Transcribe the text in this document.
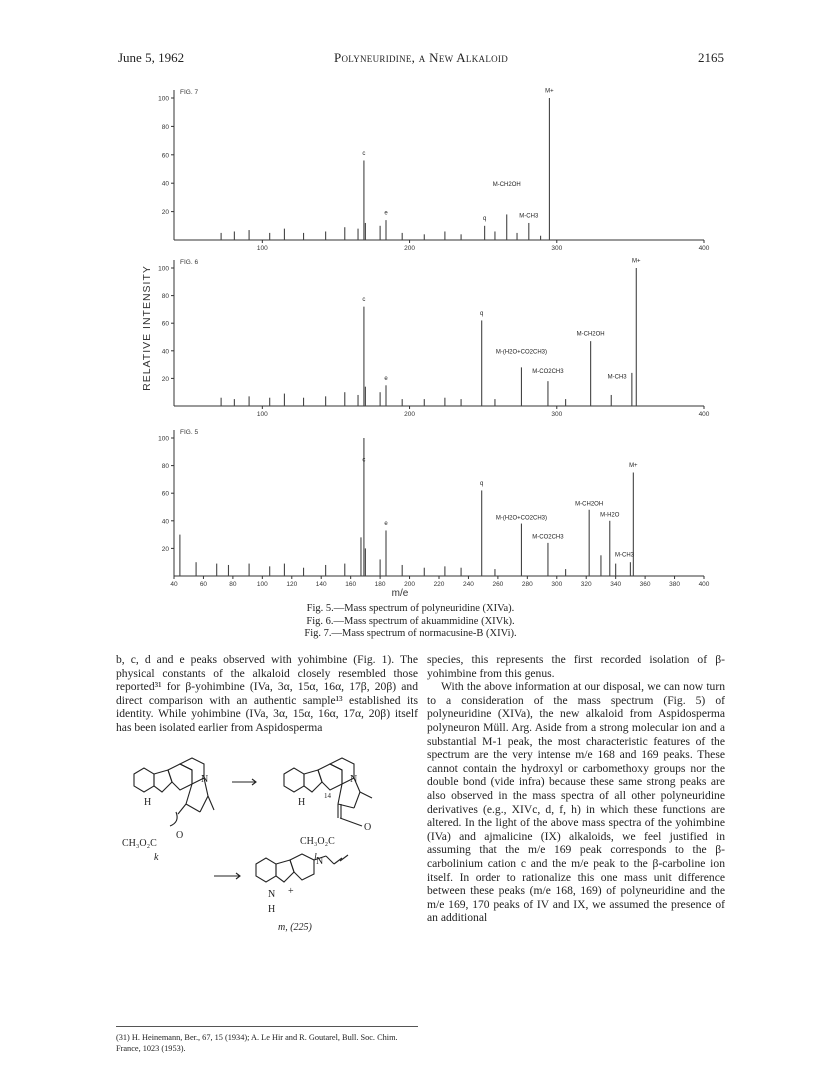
June 5, 1962	Polyneuridine, a New Alkaloid	2165
RELATIVE INTENSITY
m/e
FIG. 7
20
40
60
80
100
100	200	300	400
c
e
q
M-CH2OH
M-CH3
M+
FIG. 6
20
40
60
80
100
100	200	300	400
c
e
q
M-(H2O+CO2CH3)
M-CO2CH3
M-CH2OH
M-CH3
M+
FIG. 5
20
40
60
80
100
40	60	80	100	120	140	160	180	200	220	240	260	280	300	320	340	360	380	400
c
e
q
M-(H2O+CO2CH3)
M-CO2CH3
M-CH2OH
M-H2O
M-CH3
M+
Fig. 5.—Mass spectrum of polyneuridine (XIVa).
Fig. 6.—Mass spectrum of akuammidine (XIVk).
Fig. 7.—Mass spectrum of normacusine-B (XIVi).

b, c, d and e peaks observed with yohimbine (Fig. 1). The physical constants of the alkaloid closely resembled those reported³¹ for β-yohimbine (IVa, 3α, 15α, 16α, 17β, 20β) and direct comparison with an authentic sample¹³ established its identity. While yohimbine (IVa, 3α, 15α, 16α, 17α, 20β) itself has been isolated earlier from Aspidosperma

H
N
O
CH₃O₂C
k
H
N
14
O
CH₃O₂C
l
N
H
N
+
m, (225)
(31) H. Heinemann, Ber., 67, 15 (1934); A. Le Hir and R. Goutarel, Bull. Soc. Chim. France, 1023 (1953).

species, this represents the first recorded isolation of β-yohimbine from this genus.

With the above information at our disposal, we can now turn to a consideration of the mass spectrum (Fig. 5) of polyneuridine (XIVa), the new alkaloid from Aspidosperma polyneuron Müll. Arg. Aside from a strong molecular ion and a substantial M-1 peak, the most characteristic features of the spectrum are the very intense m/e 168 and 169 peaks. These cannot contain the hydroxyl or carbomethoxy groups nor the double bond (vide infra) because these same strong peaks are also observed in the mass spectra of all other polyneuridine derivatives (e.g., XIVc, d, f, h) in which these functions are altered. In the light of the above mass spectra of the yohimbine (IVa) and ajmalicine (IX) alkaloids, we feel justified in assuming that the m/e 169 peak corresponds to the β-carbolinium cation c and the m/e peak to the β-carboline ion itself. In order to rationalize this one mass unit difference between these peaks (m/e 168, 169) of polyneuridine and the m/e 169, 170 peaks of IV and IX, we assumed the presence of an additional
